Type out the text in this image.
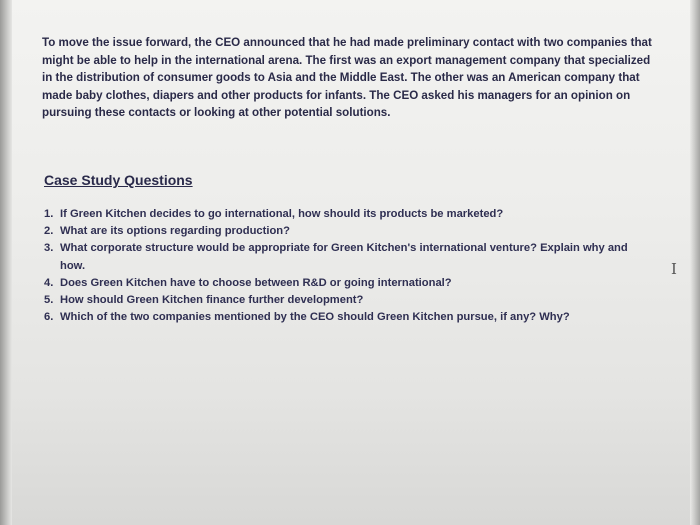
To move the issue forward, the CEO announced that he had made preliminary contact with two companies that
might be able to help in the international arena. The first was an export management company that specialized
in the distribution of consumer goods to Asia and the Middle East. The other was an American company that
made baby clothes, diapers and other products for infants. The CEO asked his managers for an opinion on
pursuing these contacts or looking at other potential solutions.
Case Study Questions
1. If Green Kitchen decides to go international, how should its products be marketed?
2. What are its options regarding production?
3. What corporate structure would be appropriate for Green Kitchen's international venture? Explain why and
how.
4. Does Green Kitchen have to choose between R&D or going international?
5. How should Green Kitchen finance further development?
6. Which of the two companies mentioned by the CEO should Green Kitchen pursue, if any? Why?
I
